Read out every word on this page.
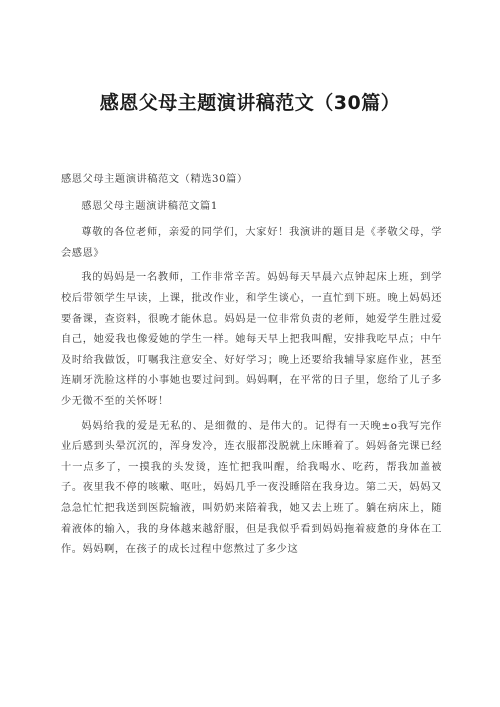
感恩父母主题演讲稿范文（30篇）

感恩父母主题演讲稿范文（精选30篇）

感恩父母主题演讲稿范文篇1

尊敬的各位老师，亲爱的同学们，大家好！我演讲的题目是《孝敬父母，学会感恩》

我的妈妈是一名教师，工作非常辛苦。妈妈每天早晨六点钟起床上班，到学校后带领学生早读，上课，批改作业，和学生谈心，一直忙到下班。晚上妈妈还要备课，查资料，很晚才能休息。妈妈是一位非常负责的老师，她爱学生胜过爱自己，她爱我也像爱她的学生一样。她每天早上把我叫醒，安排我吃早点；中午及时给我做饭，叮嘱我注意安全、好好学习；晚上还要给我辅导家庭作业，甚至连刷牙洗脸这样的小事她也要过问到。妈妈啊，在平常的日子里，您给了儿子多少无微不至的关怀呀！

妈妈给我的爱是无私的、是细微的、是伟大的。记得有一天晚±o我写完作业后感到头晕沉沉的，浑身发冷，连衣服都没脱就上床睡着了。妈妈备完课已经十一点多了，一摸我的头发烫，连忙把我叫醒，给我喝水、吃药，帮我加盖被子。夜里我不停的咳嗽、呕吐，妈妈几乎一夜没睡陪在我身边。第二天，妈妈又急急忙忙把我送到医院输液，叫奶奶来陪着我，她又去上班了。躺在病床上，随着液体的输入，我的身体越来越舒服，但是我似乎看到妈妈拖着疲惫的身体在工作。妈妈啊，在孩子的成长过程中您熬过了多少这
